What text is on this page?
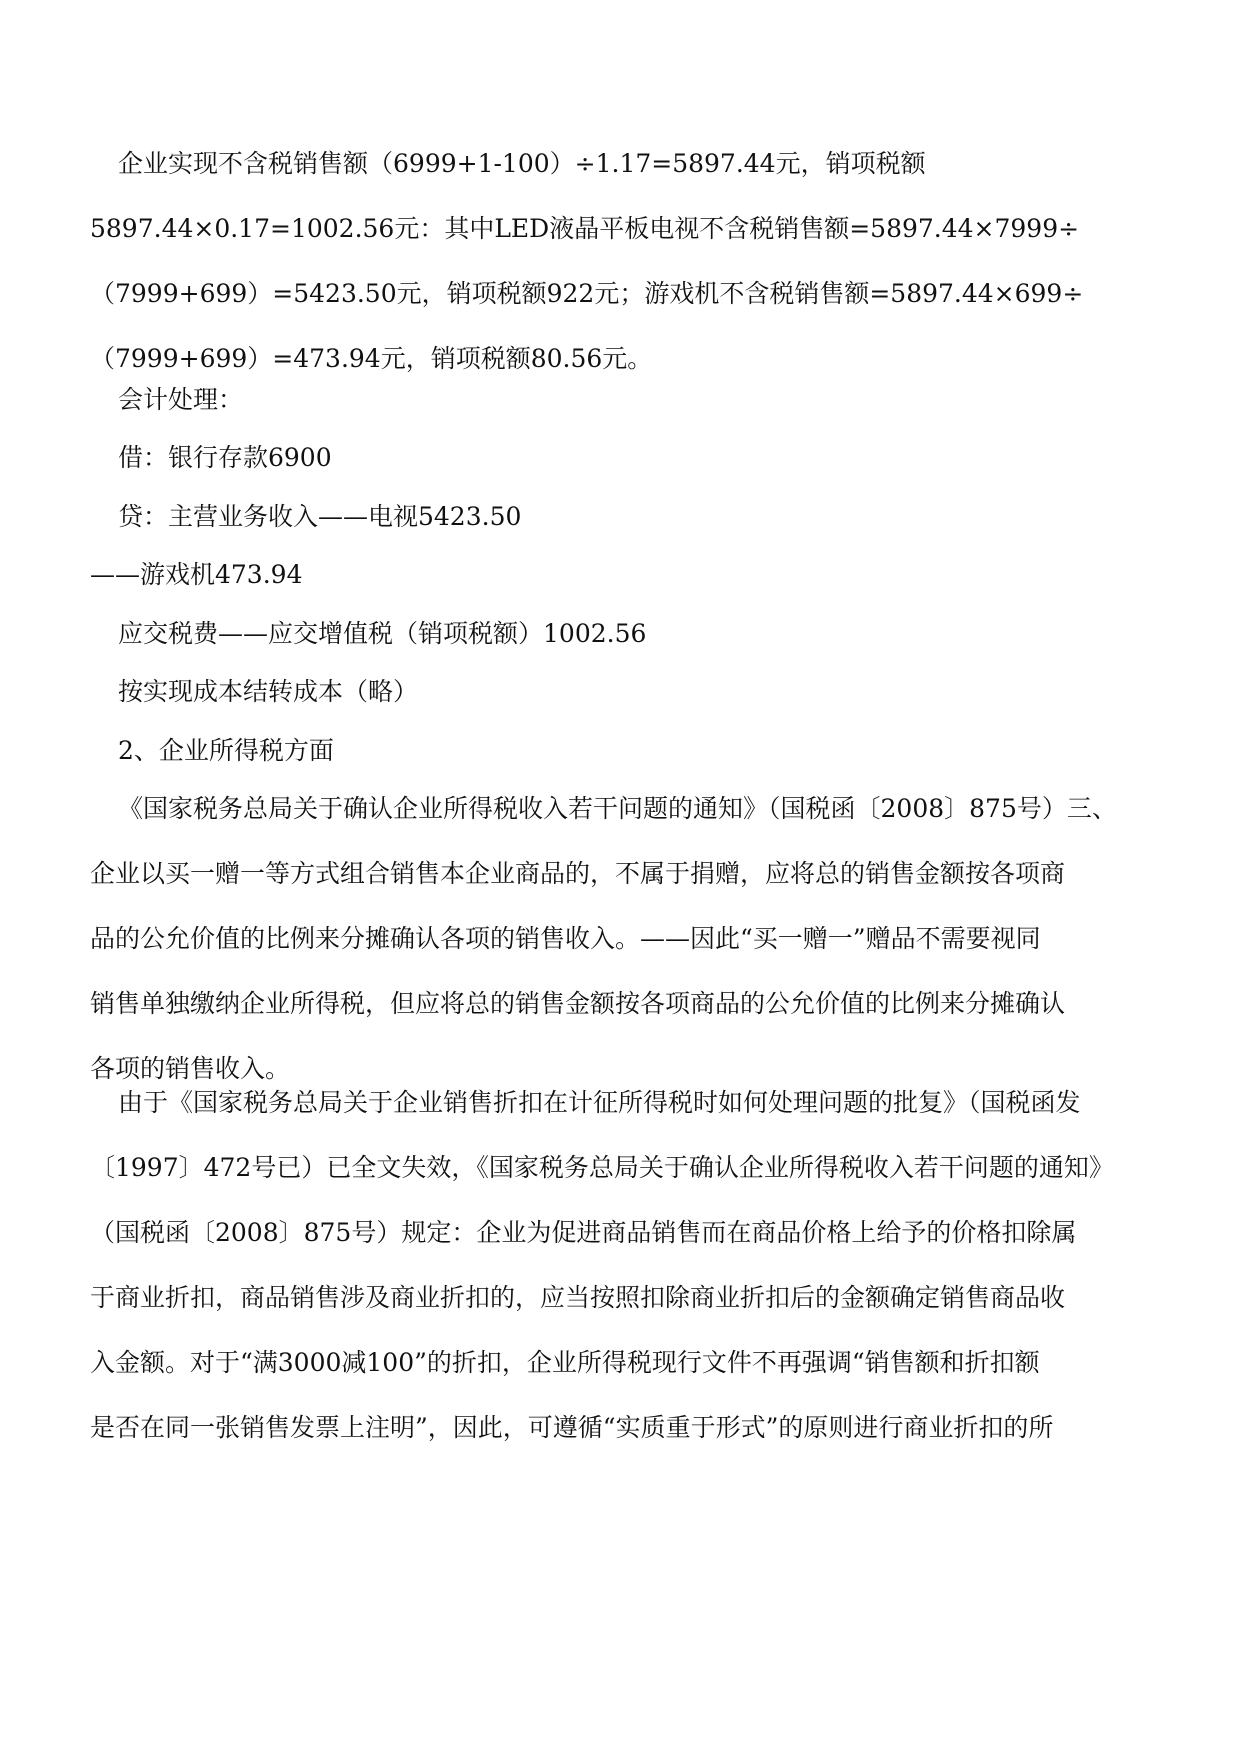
企业实现不含税销售额（6999+1-100）÷1.17=5897.44元，销项税额
5897.44×0.17=1002.56元：其中LED液晶平板电视不含税销售额=5897.44×7999÷
（7999+699）=5423.50元，销项税额922元；游戏机不含税销售额=5897.44×699÷
（7999+699）=473.94元，销项税额80.56元。

会计处理：

借：银行存款6900

贷：主营业务收入——电视5423.50

——游戏机473.94

应交税费——应交增值税（销项税额）1002.56

按实现成本结转成本（略）

2、企业所得税方面

《国家税务总局关于确认企业所得税收入若干问题的通知》（国税函〔2008〕875号）三、
企业以买一赠一等方式组合销售本企业商品的，不属于捐赠，应将总的销售金额按各项商
品的公允价值的比例来分摊确认各项的销售收入。——因此“买一赠一”赠品不需要视同
销售单独缴纳企业所得税，但应将总的销售金额按各项商品的公允价值的比例来分摊确认
各项的销售收入。
由于《国家税务总局关于企业销售折扣在计征所得税时如何处理问题的批复》（国税函发
〔1997〕472号已）已全文失效，《国家税务总局关于确认企业所得税收入若干问题的通知》
（国税函〔2008〕875号）规定：企业为促进商品销售而在商品价格上给予的价格扣除属
于商业折扣，商品销售涉及商业折扣的，应当按照扣除商业折扣后的金额确定销售商品收
入金额。对于“满3000减100”的折扣，企业所得税现行文件不再强调“销售额和折扣额
是否在同一张销售发票上注明”，因此，可遵循“实质重于形式”的原则进行商业折扣的所
